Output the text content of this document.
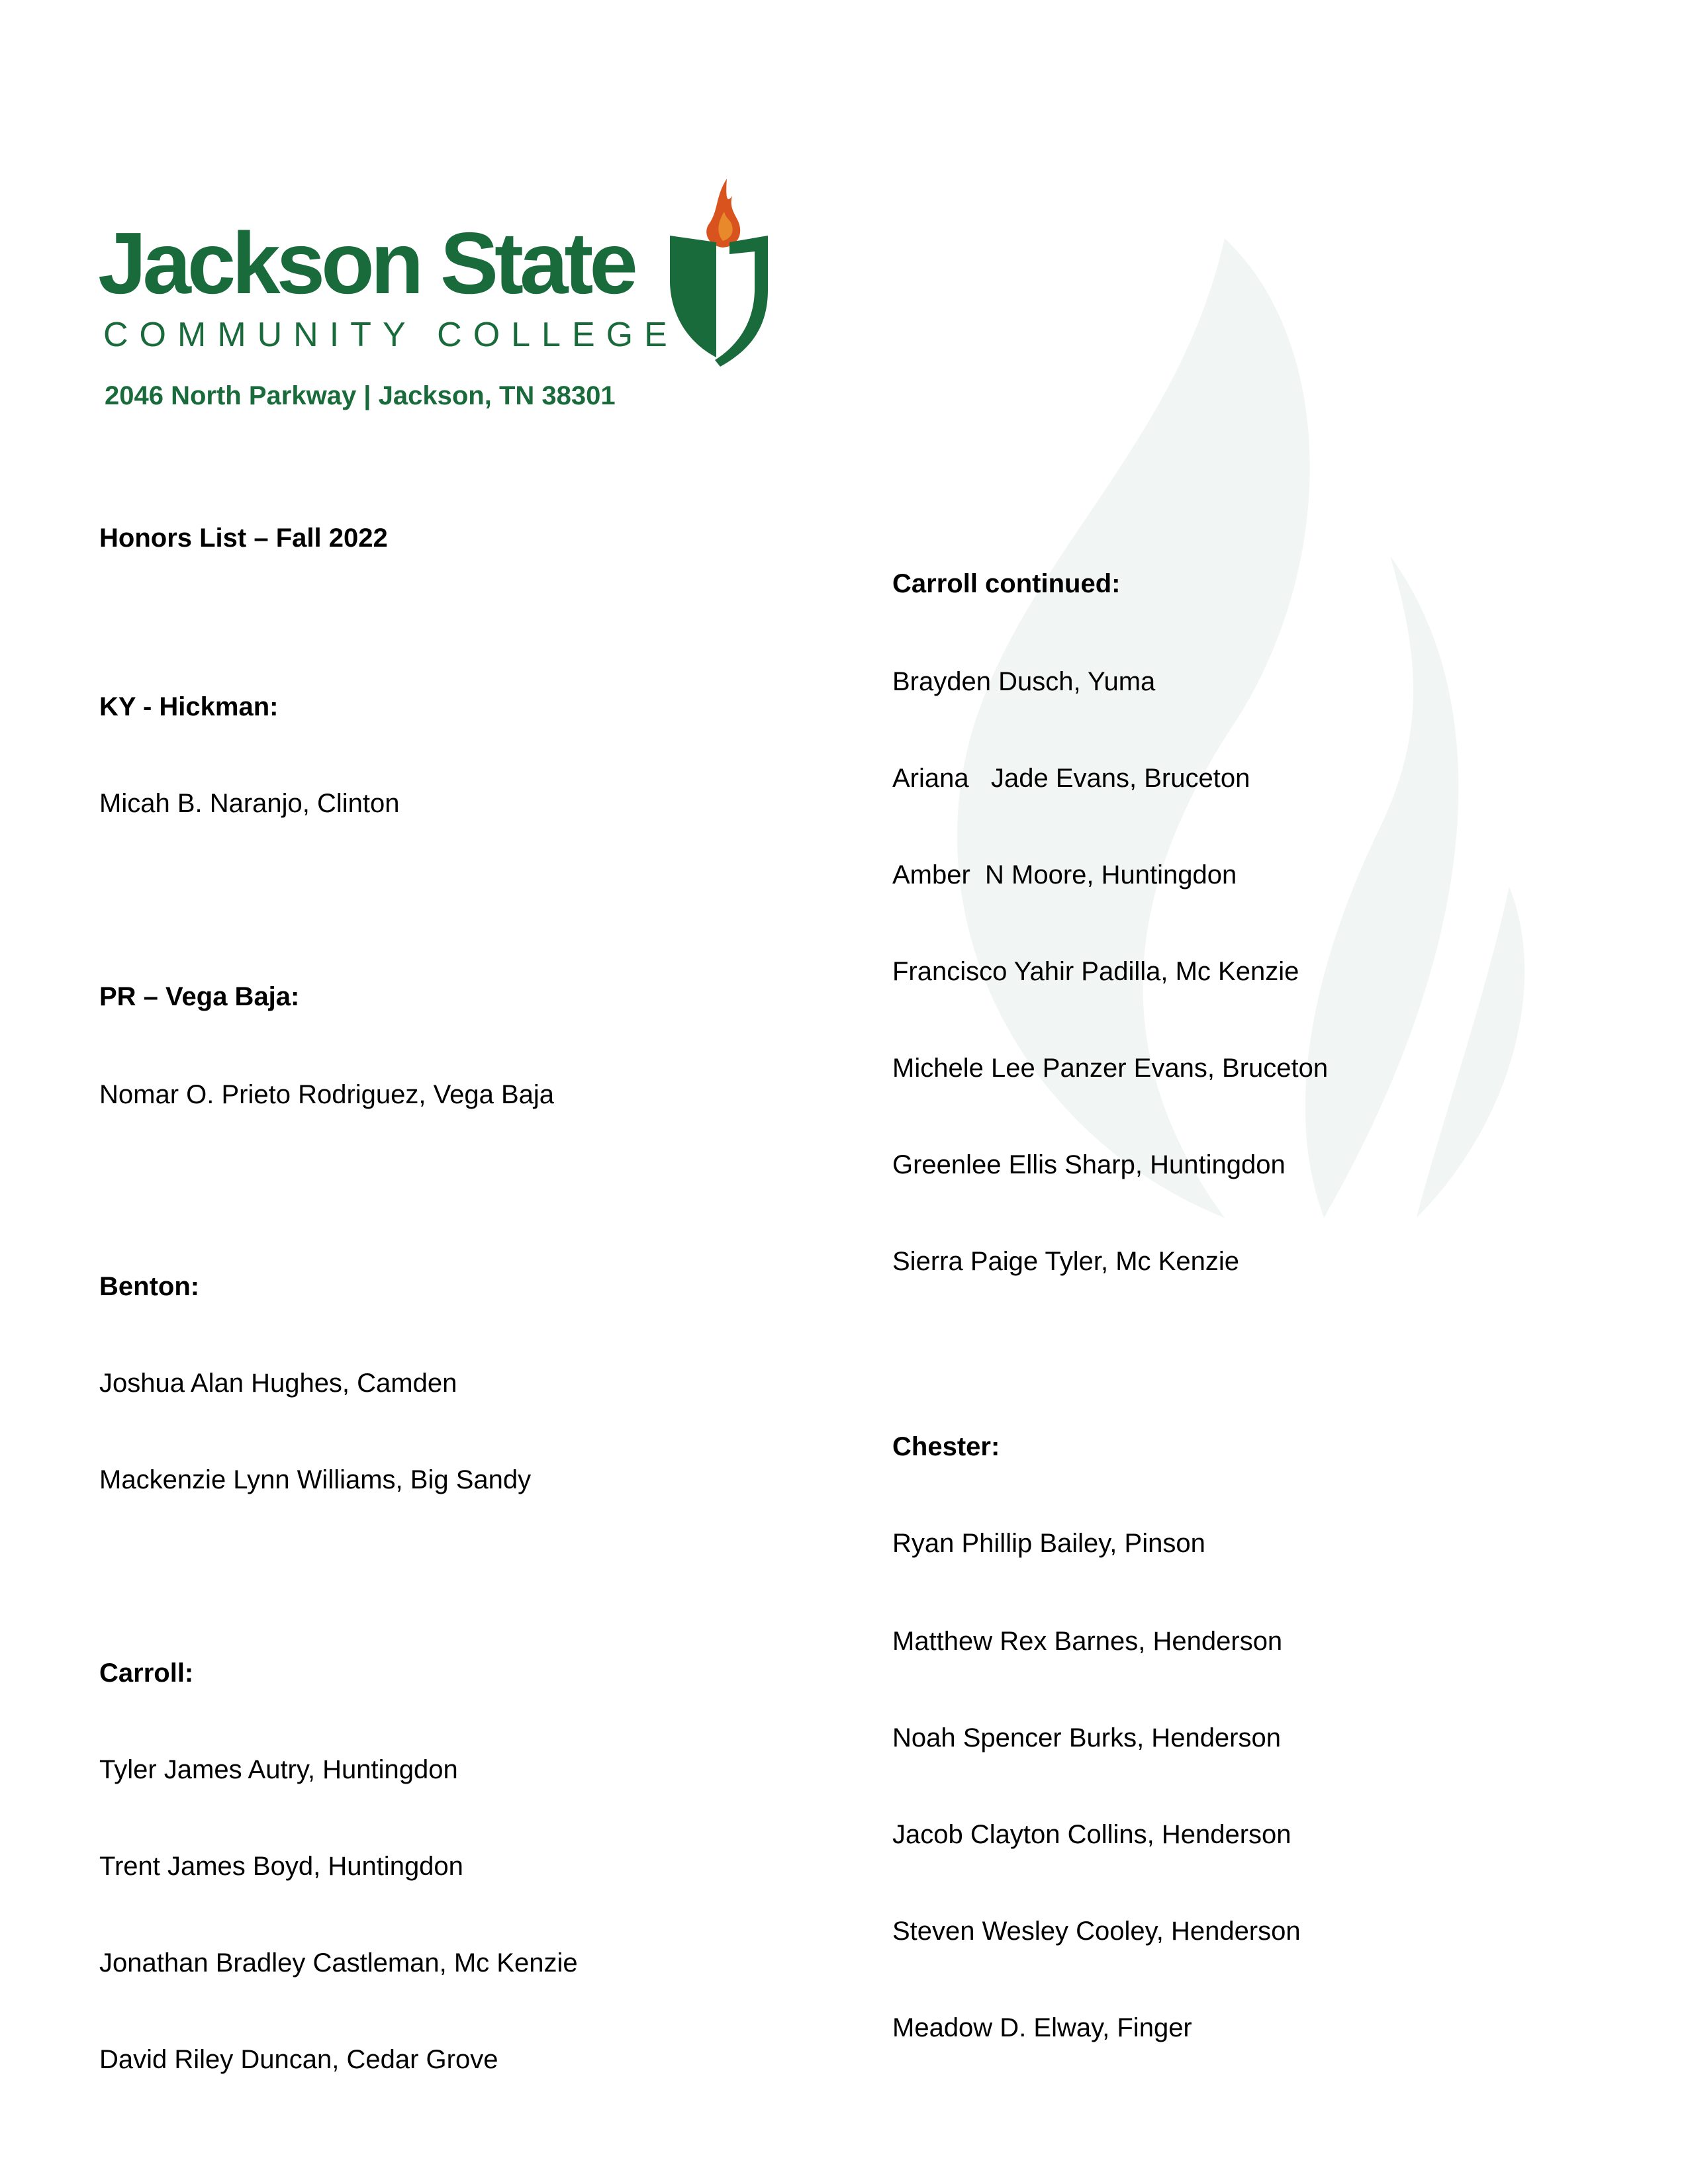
Jackson State
COMMUNITY COLLEGE
2046 North Parkway | Jackson, TN 38301
Honors List – Fall 2022
KY - Hickman:
Micah B. Naranjo, Clinton
PR – Vega Baja:
Nomar O. Prieto Rodriguez, Vega Baja
Benton:
Joshua Alan Hughes, Camden
Mackenzie Lynn Williams, Big Sandy
Carroll:
Tyler James Autry, Huntingdon
Trent James Boyd, Huntingdon
Jonathan Bradley Castleman, Mc Kenzie
David Riley Duncan, Cedar Grove
Carroll continued:
Brayden Dusch, Yuma
Ariana   Jade Evans, Bruceton
Amber  N Moore, Huntingdon
Francisco Yahir Padilla, Mc Kenzie
Michele Lee Panzer Evans, Bruceton
Greenlee Ellis Sharp, Huntingdon
Sierra Paige Tyler, Mc Kenzie
Chester:
Ryan Phillip Bailey, Pinson
Matthew Rex Barnes, Henderson
Noah Spencer Burks, Henderson
Jacob Clayton Collins, Henderson
Steven Wesley Cooley, Henderson
Meadow D. Elway, Finger
